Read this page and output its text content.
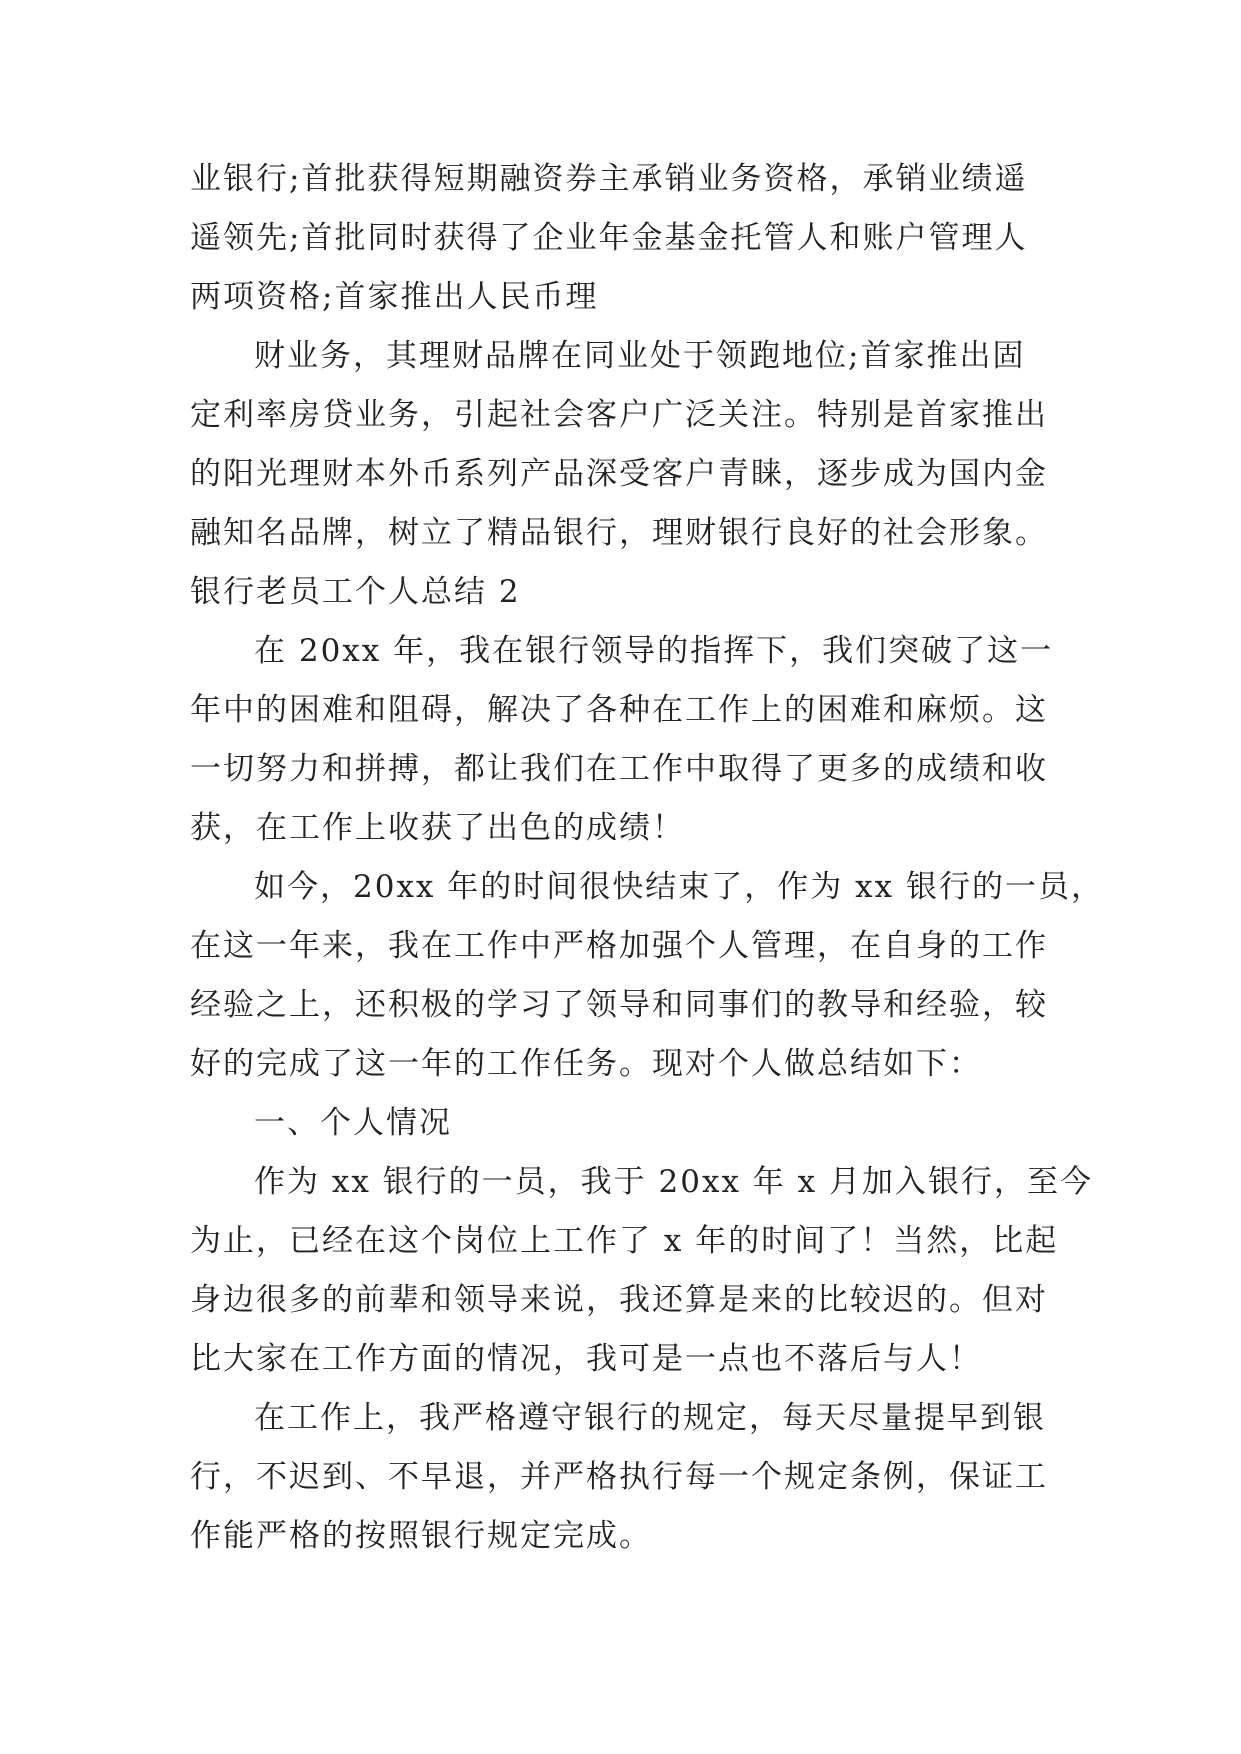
业银行;首批获得短期融资券主承销业务资格，承销业绩遥
遥领先;首批同时获得了企业年金基金托管人和账户管理人
两项资格;首家推出人民币理
财业务，其理财品牌在同业处于领跑地位;首家推出固
定利率房贷业务，引起社会客户广泛关注。特别是首家推出
的阳光理财本外币系列产品深受客户青睐，逐步成为国内金
融知名品牌，树立了精品银行，理财银行良好的社会形象。
银行老员工个人总结 2
在 20xx 年，我在银行领导的指挥下，我们突破了这一
年中的困难和阻碍，解决了各种在工作上的困难和麻烦。这
一切努力和拼搏，都让我们在工作中取得了更多的成绩和收
获，在工作上收获了出色的成绩！
如今，20xx 年的时间很快结束了，作为 xx 银行的一员，
在这一年来，我在工作中严格加强个人管理，在自身的工作
经验之上，还积极的学习了领导和同事们的教导和经验，较
好的完成了这一年的工作任务。现对个人做总结如下：
一、个人情况
作为 xx 银行的一员，我于 20xx 年 x 月加入银行，至今
为止，已经在这个岗位上工作了 x 年的时间了！当然，比起
身边很多的前辈和领导来说，我还算是来的比较迟的。但对
比大家在工作方面的情况，我可是一点也不落后与人！
在工作上，我严格遵守银行的规定，每天尽量提早到银
行，不迟到、不早退，并严格执行每一个规定条例，保证工
作能严格的按照银行规定完成。
